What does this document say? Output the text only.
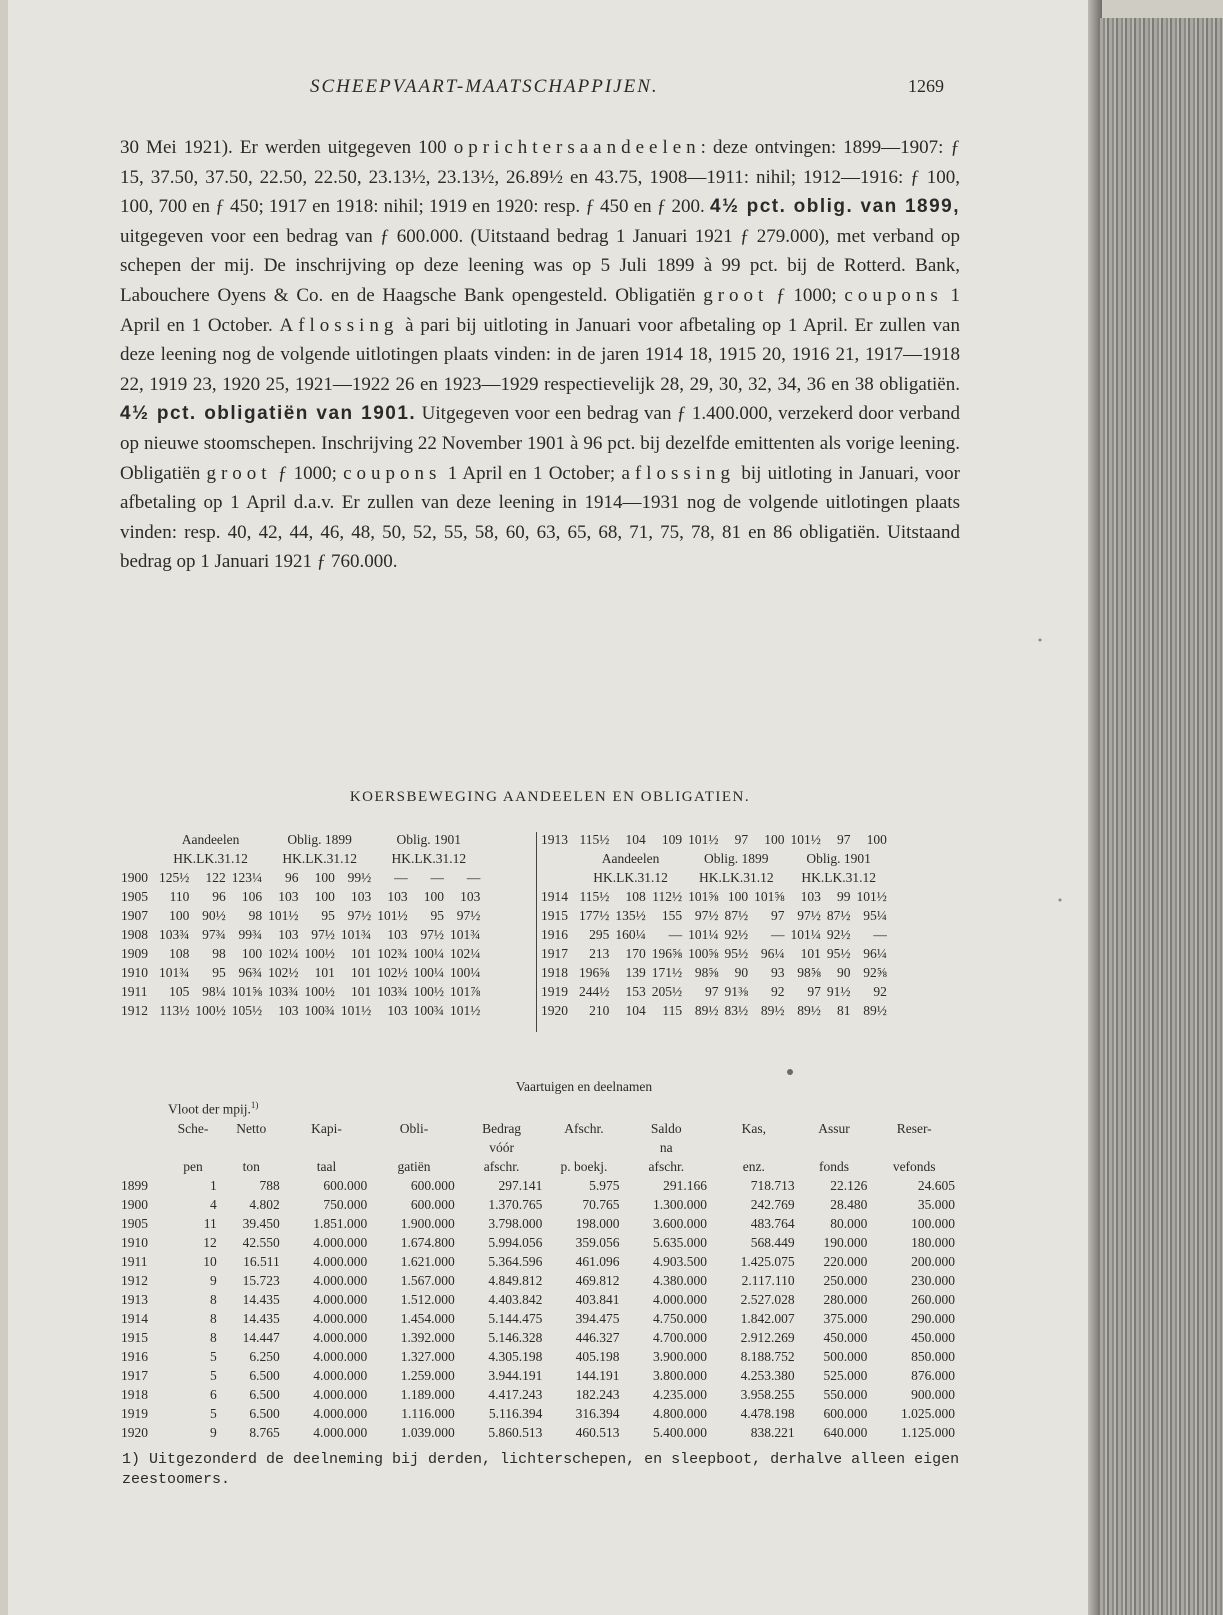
SCHEEPVAART-MAATSCHAPPIJEN.	1269

30 Mei 1921). Er werden uitgegeven 100 oprichtersaandeelen: deze ontvingen: 1899—1907: ƒ 15, 37.50, 37.50, 22.50, 22.50, 23.13½, 23.13½, 26.89½ en 43.75, 1908—1911: nihil; 1912—1916: ƒ 100, 100, 700 en ƒ 450; 1917 en 1918: nihil; 1919 en 1920: resp. ƒ 450 en ƒ 200. 4½ pct. oblig. van 1899, uitgegeven voor een bedrag van ƒ 600.000. (Uitstaand bedrag 1 Januari 1921 ƒ 279.000), met verband op schepen der mij. De inschrijving op deze leening was op 5 Juli 1899 à 99 pct. bij de Rotterd. Bank, Labouchere Oyens & Co. en de Haagsche Bank opengesteld. Obligatiën groot ƒ 1000; coupons 1 April en 1 October. Aflossing à pari bij uitloting in Januari voor afbetaling op 1 April. Er zullen van deze leening nog de volgende uitlotingen plaats vinden: in de jaren 1914 18, 1915 20, 1916 21, 1917—1918 22, 1919 23, 1920 25, 1921—1922 26 en 1923—1929 respectievelijk 28, 29, 30, 32, 34, 36 en 38 obligatiën. 4½ pct. obligatiën van 1901. Uitgegeven voor een bedrag van ƒ 1.400.000, verzekerd door verband op nieuwe stoomschepen. Inschrijving 22 November 1901 à 96 pct. bij dezelfde emittenten als vorige leening. Obligatiën groot ƒ 1000; coupons 1 April en 1 October; aflossing bij uitloting in Januari, voor afbetaling op 1 April d.a.v. Er zullen van deze leening in 1914—1931 nog de volgende uitlotingen plaats vinden: resp. 40, 42, 44, 46, 48, 50, 52, 55, 58, 60, 63, 65, 68, 71, 75, 78, 81 en 86 obligatiën. Uitstaand bedrag op 1 Januari 1921 ƒ 760.000.

KOERSBEWEGING AANDEELEN EN OBLIGATIEN.
	Aandeelen			Oblig. 1899			Oblig. 1901		
	HK.LK.31.12			HK.LK.31.12			HK.LK.31.12		
1900	125½	122	123¼	96	100	99½	—	—	—
1905	110	96	106	103	100	103	103	100	103
1907	100	90½	98	101½	95	97½	101½	95	97½
1908	103¾	97¾	99¾	103	97½	101¾	103	97½	101¾
1909	108	98	100	102¼	100½	101	102¾	100¼	102¼
1910	101¾	95	96¾	102½	101	101	102½	100¼	100¼
1911	105	98¼	101⅝	103¾	100½	101	103¾	100½	101⅞
1912	113½	100½	105½	103	100¾	101½	103	100¾	101½
1913	115½	104	109	101½	97	100	101½	97	100
	Aandeelen			Oblig. 1899			Oblig. 1901		
	HK.LK.31.12			HK.LK.31.12			HK.LK.31.12		
1914	115½	108	112½	101⅝	100	101⅝	103	99	101½
1915	177½	135½	155	97½	87½	97	97½	87½	95¼
1916	295	160¼	—	101¼	92½	—	101¼	92½	—
1917	213	170	196⅝	100⅝	95½	96¼	101	95½	96¼
1918	196⅝	139	171½	98⅝	90	93	98⅝	90	92⅝
1919	244½	153	205½	97	91⅜	92	97	91½	92
1920	210	104	115	89½	83½	89½	89½	81	89½
					Vaartuigen en deelnamen					
Vloot der mpij.$^{1)}$	
	Sche-	Netto	Kapi-	Obli-	Bedrag	Afschr.	Saldo	Kas,	Assur	Reser-
					vóór		na			
	pen	ton	taal	gatiën	afschr.	p. boekj.	afschr.	enz.	fonds	vefonds
1899	1	788	600.000	600.000	297.141	5.975	291.166	718.713	22.126	24.605
1900	4	4.802	750.000	600.000	1.370.765	70.765	1.300.000	242.769	28.480	35.000
1905	11	39.450	1.851.000	1.900.000	3.798.000	198.000	3.600.000	483.764	80.000	100.000
1910	12	42.550	4.000.000	1.674.800	5.994.056	359.056	5.635.000	568.449	190.000	180.000
1911	10	16.511	4.000.000	1.621.000	5.364.596	461.096	4.903.500	1.425.075	220.000	200.000
1912	9	15.723	4.000.000	1.567.000	4.849.812	469.812	4.380.000	2.117.110	250.000	230.000
1913	8	14.435	4.000.000	1.512.000	4.403.842	403.841	4.000.000	2.527.028	280.000	260.000
1914	8	14.435	4.000.000	1.454.000	5.144.475	394.475	4.750.000	1.842.007	375.000	290.000
1915	8	14.447	4.000.000	1.392.000	5.146.328	446.327	4.700.000	2.912.269	450.000	450.000
1916	5	6.250	4.000.000	1.327.000	4.305.198	405.198	3.900.000	8.188.752	500.000	850.000
1917	5	6.500	4.000.000	1.259.000	3.944.191	144.191	3.800.000	4.253.380	525.000	876.000
1918	6	6.500	4.000.000	1.189.000	4.417.243	182.243	4.235.000	3.958.255	550.000	900.000
1919	5	6.500	4.000.000	1.116.000	5.116.394	316.394	4.800.000	4.478.198	600.000	1.025.000
1920	9	8.765	4.000.000	1.039.000	5.860.513	460.513	5.400.000	838.221	640.000	1.125.000
1) Uitgezonderd de deelneming bij derden, lichterschepen, en sleepboot, derhalve alleen eigen zeestoomers.
